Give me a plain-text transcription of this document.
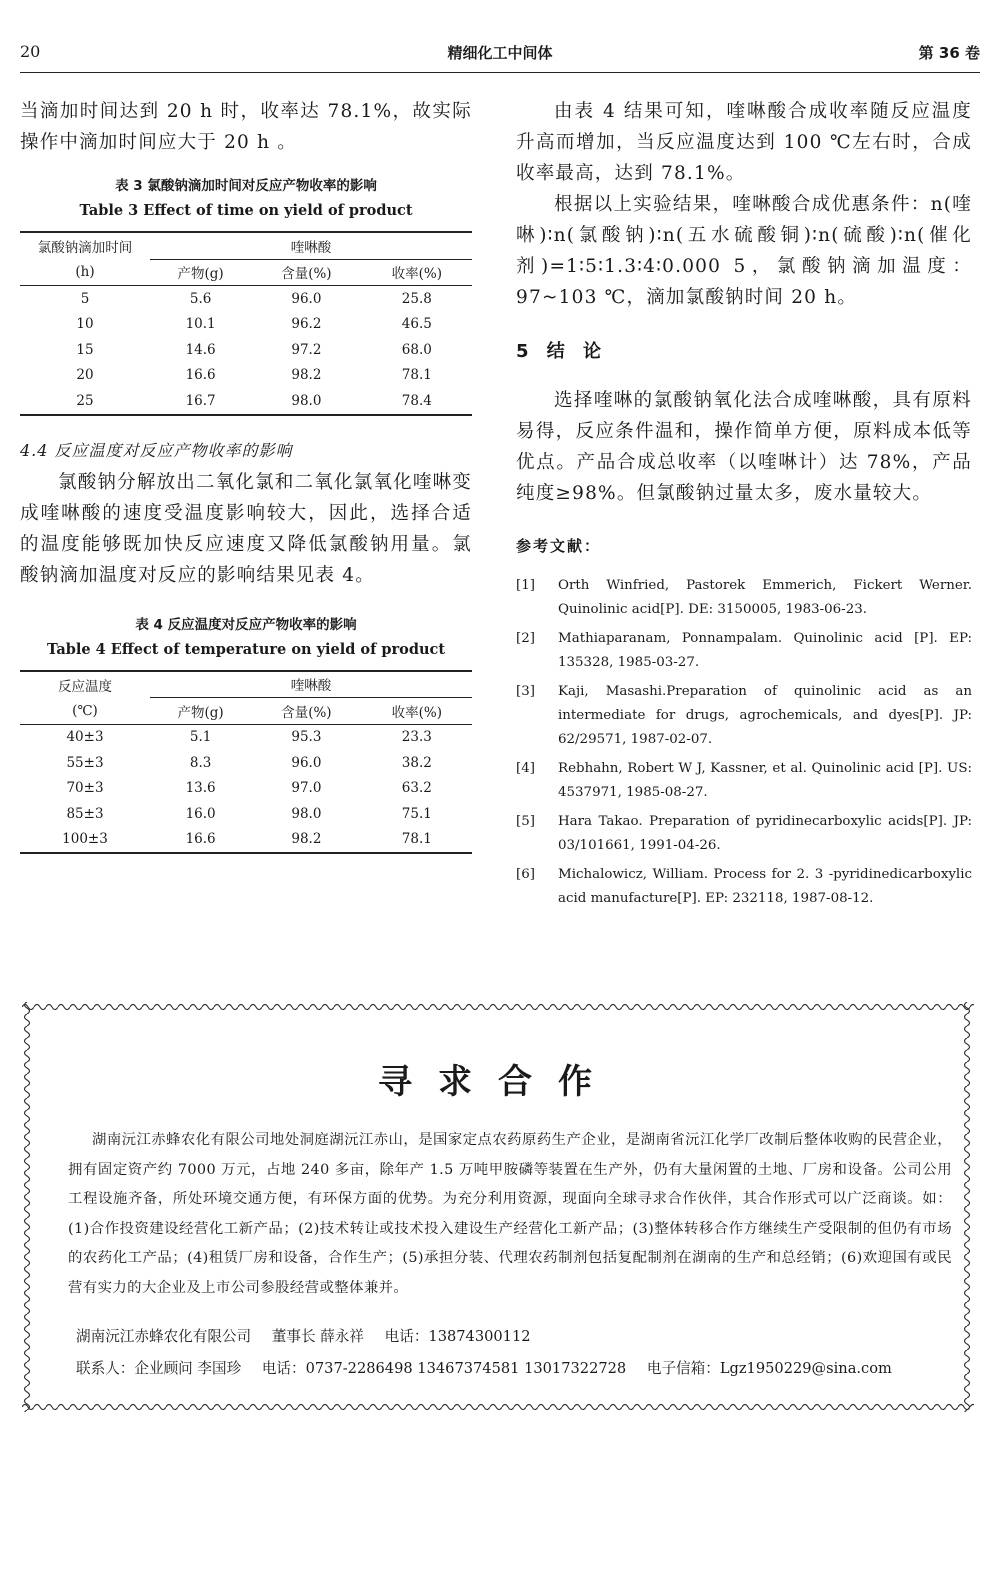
20	精细化工中间体	第 36 卷

当滴加时间达到 20 h 时，收率达 78.1%，故实际操作中滴加时间应大于 20 h 。

表 3 氯酸钠滴加时间对反应产物收率的影响
Table 3 Effect of time on yield of product
氯酸钠滴加时间	喹啉酸		
(h)	产物(g)	含量(%)	收率(%)
5	5.6	96.0	25.8
10	10.1	96.2	46.5
15	14.6	97.2	68.0
20	16.6	98.2	78.1
25	16.7	98.0	78.4
4.4 反应温度对反应产物收率的影响

氯酸钠分解放出二氧化氯和二氧化氯氧化喹啉变成喹啉酸的速度受温度影响较大，因此，选择合适的温度能够既加快反应速度又降低氯酸钠用量。氯酸钠滴加温度对反应的影响结果见表 4。

表 4 反应温度对反应产物收率的影响
Table 4 Effect of temperature on yield of product
反应温度	喹啉酸		
(℃)	产物(g)	含量(%)	收率(%)
40±3	5.1	95.3	23.3
55±3	8.3	96.0	38.2
70±3	13.6	97.0	63.2
85±3	16.0	98.0	75.1
100±3	16.6	98.2	78.1

由表 4 结果可知，喹啉酸合成收率随反应温度升高而增加，当反应温度达到 100 ℃左右时，合成收率最高，达到 78.1%。

根据以上实验结果，喹啉酸合成优惠条件：n(喹啉)∶n(氯酸钠)∶n(五水硫酸铜)∶n(硫酸)∶n(催化剂)=1∶5∶1.3∶4∶0.000 5，氯酸钠滴加温度：97~103 ℃，滴加氯酸钠时间 20 h。

5 结 论

选择喹啉的氯酸钠氧化法合成喹啉酸，具有原料易得，反应条件温和，操作简单方便，原料成本低等优点。产品合成总收率（以喹啉计）达 78%，产品纯度≥98%。但氯酸钠过量太多，废水量较大。

参考文献：
[1] Orth Winfried, Pastorek Emmerich, Fickert Werner. Quinolinic acid[P]. DE: 3150005, 1983-06-23.
[2] Mathiaparanam, Ponnampalam. Quinolinic acid [P]. EP: 135328, 1985-03-27.
[3] Kaji, Masashi.Preparation of quinolinic acid as an intermediate for drugs, agrochemicals, and dyes[P]. JP: 62/29571, 1987-02-07.
[4] Rebhahn, Robert W J, Kassner, et al. Quinolinic acid [P]. US: 4537971, 1985-08-27.
[5] Hara Takao. Preparation of pyridinecarboxylic acids[P]. JP: 03/101661, 1991-04-26.
[6] Michalowicz, William. Process for 2. 3 -pyridinedicarboxylic acid manufacture[P]. EP: 232118, 1987-08-12.
寻求合作

湖南沅江赤蜂农化有限公司地处洞庭湖沅江赤山，是国家定点农药原药生产企业，是湖南省沅江化学厂改制后整体收购的民营企业，拥有固定资产约 7000 万元，占地 240 多亩，除年产 1.5 万吨甲胺磷等装置在生产外，仍有大量闲置的土地、厂房和设备。公司公用工程设施齐备，所处环境交通方便，有环保方面的优势。为充分利用资源，现面向全球寻求合作伙伴，其合作形式可以广泛商谈。如：(1)合作投资建设经营化工新产品；(2)技术转让或技术投入建设生产经营化工新产品；(3)整体转移合作方继续生产受限制的但仍有市场的农药化工产品；(4)租赁厂房和设备，合作生产；(5)承担分装、代理农药制剂包括复配制剂在湖南的生产和总经销；(6)欢迎国有或民营有实力的大企业及上市公司参股经营或整体兼并。

湖南沅江赤蜂农化有限公司 董事长 薛永祥 电话：13874300112
联系人：企业顾问 李国珍 电话：0737-2286498 13467374581 13017322728 电子信箱：Lgz1950229@sina.com
